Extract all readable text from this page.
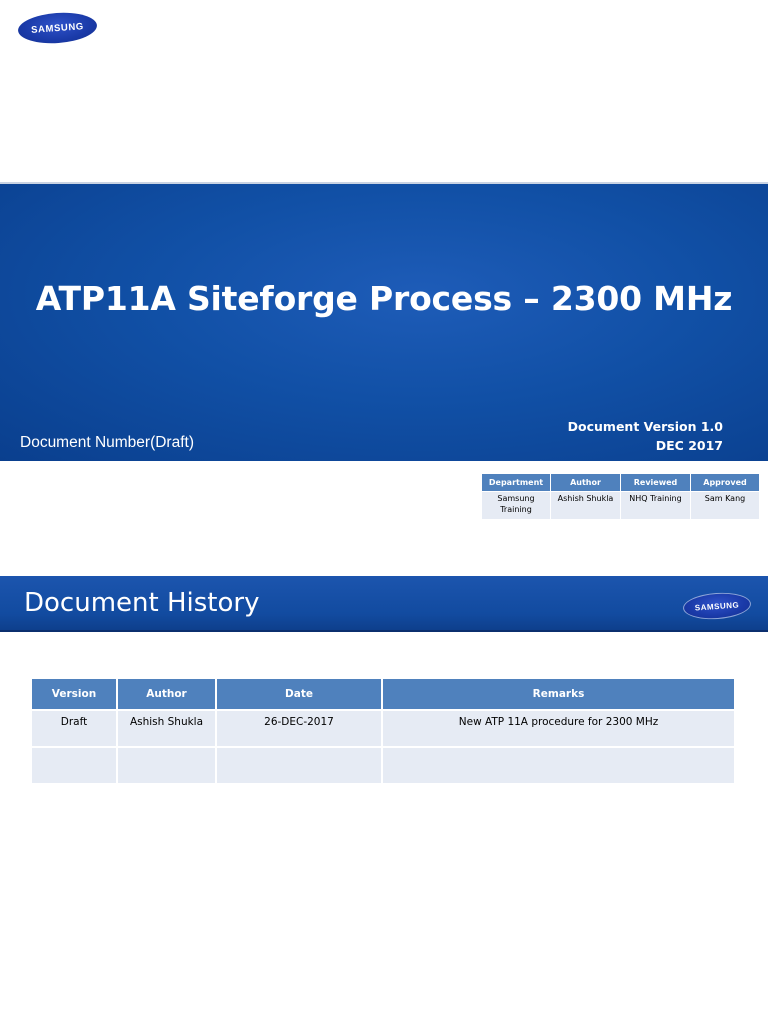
SAMSUNG
ATP11A Siteforge Process – 2300 MHz
Document Number(Draft)
Document Version 1.0
DEC 2017
Department	Author	Reviewed	Approved
Samsung Training	Ashish Shukla	NHQ Training	Sam Kang
Document History	SAMSUNG
Version	Author	Date	Remarks
Draft	Ashish Shukla	26-DEC-2017	New ATP 11A procedure for 2300 MHz
